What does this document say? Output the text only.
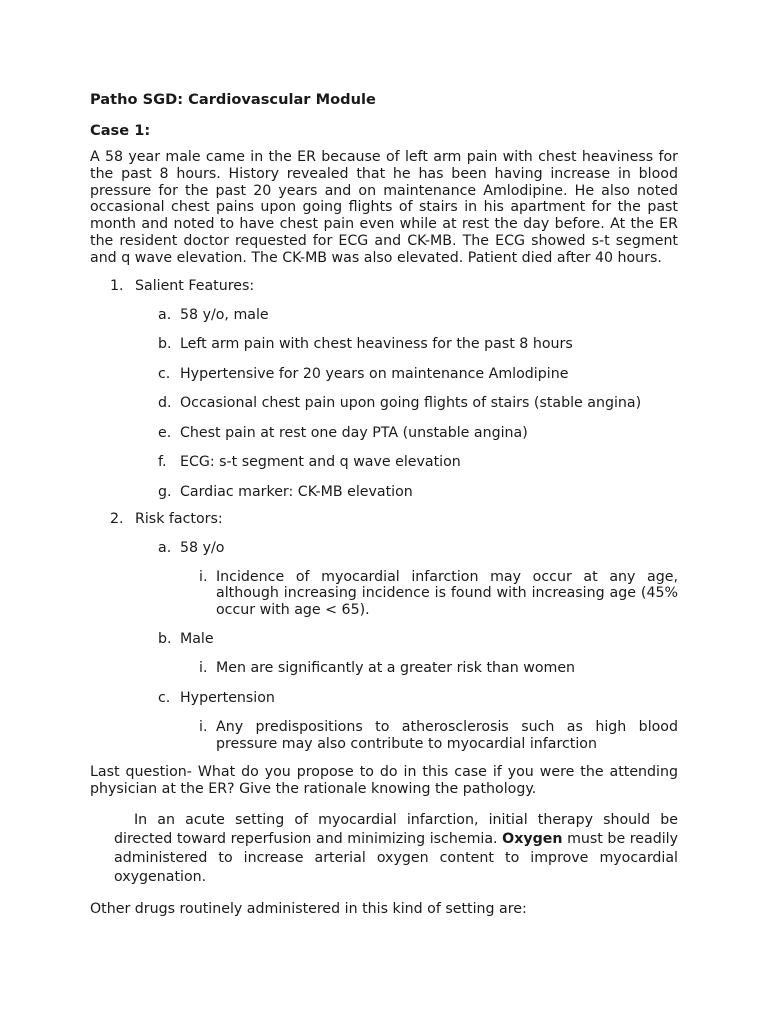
Patho SGD: Cardiovascular Module

Case 1:

A 58 year male came in the ER because of left arm pain with chest heaviness for the past 8 hours. History revealed that he has been having increase in blood pressure for the past 20 years and on maintenance Amlodipine. He also noted occasional chest pains upon going flights of stairs in his apartment for the past month and noted to have chest pain even while at rest the day before. At the ER the resident doctor requested for ECG and CK-MB. The ECG showed s-t segment and q wave elevation. The CK-MB was also elevated. Patient died after 40 hours.

1. Salient Features:
a. 58 y/o, male
b. Left arm pain with chest heaviness for the past 8 hours
c. Hypertensive for 20 years on maintenance Amlodipine
d. Occasional chest pain upon going flights of stairs (stable angina)
e. Chest pain at rest one day PTA (unstable angina)
f. ECG: s-t segment and q wave elevation
g. Cardiac marker: CK-MB elevation
2. Risk factors:
a. 58 y/o
i. Incidence of myocardial infarction may occur at any age, although increasing incidence is found with increasing age (45% occur with age < 65).
b. Male
i. Men are significantly at a greater risk than women
c. Hypertension
i. Any predispositions to atherosclerosis such as high blood pressure may also contribute to myocardial infarction

Last question- What do you propose to do in this case if you were the attending physician at the ER? Give the rationale knowing the pathology.

In an acute setting of myocardial infarction, initial therapy should be directed toward reperfusion and minimizing ischemia. Oxygen must be readily administered to increase arterial oxygen content to improve myocardial oxygenation.

Other drugs routinely administered in this kind of setting are:
